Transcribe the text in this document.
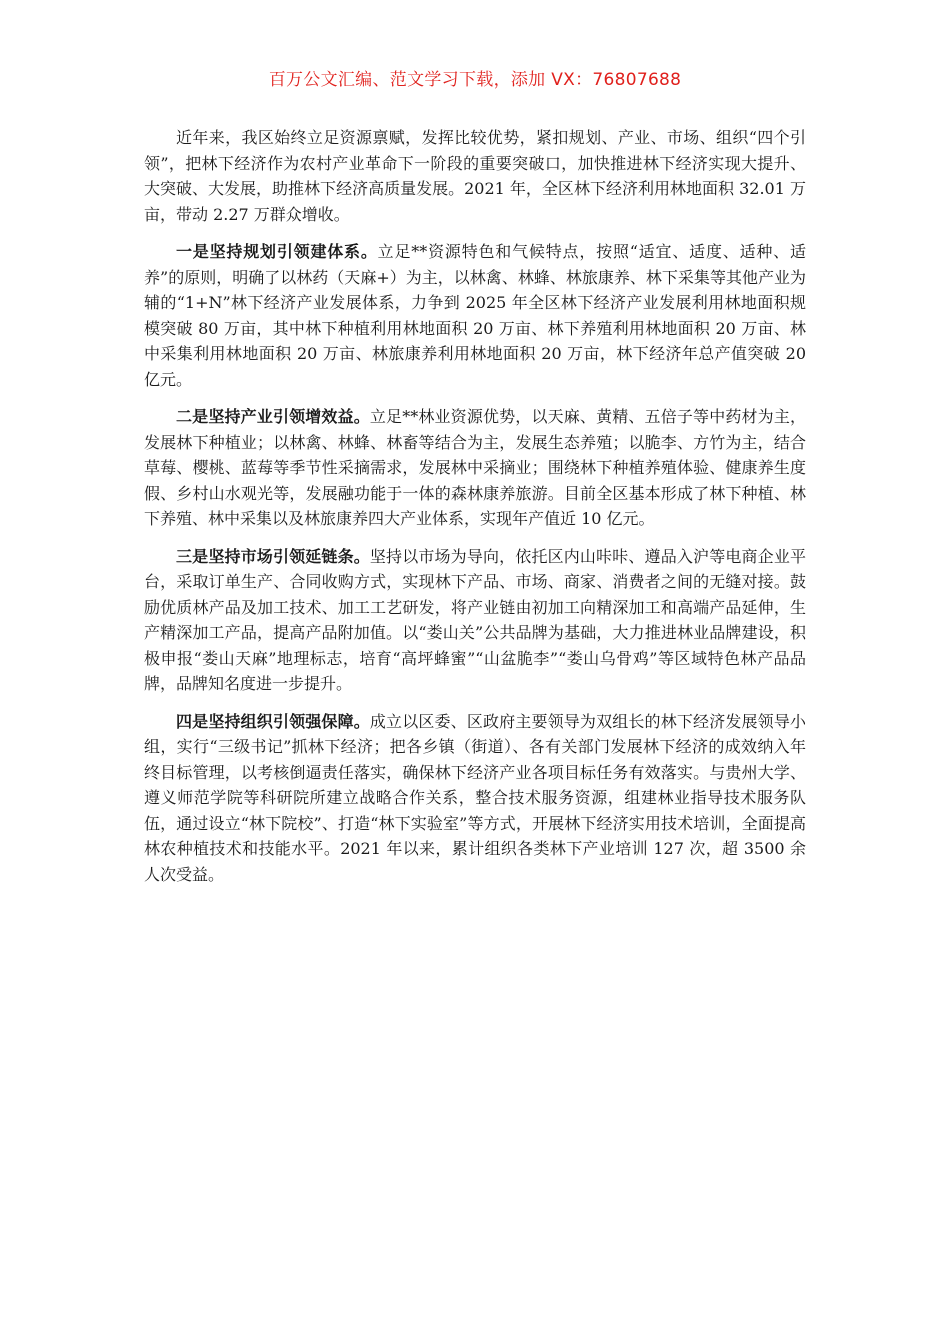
百万公文汇编、范文学习下载，添加 VX：76807688

近年来，我区始终立足资源禀赋，发挥比较优势，紧扣规划、产业、市场、组织“四个引领”，把林下经济作为农村产业革命下一阶段的重要突破口，加快推进林下经济实现大提升、大突破、大发展，助推林下经济高质量发展。2021 年，全区林下经济利用林地面积 32.01 万亩，带动 2.27 万群众增收。

一是坚持规划引领建体系。立足**资源特色和气候特点，按照“适宜、适度、适种、适养”的原则，明确了以林药（天麻+）为主，以林禽、林蜂、林旅康养、林下采集等其他产业为辅的“1+N”林下经济产业发展体系，力争到 2025 年全区林下经济产业发展利用林地面积规模突破 80 万亩，其中林下种植利用林地面积 20 万亩、林下养殖利用林地面积 20 万亩、林中采集利用林地面积 20 万亩、林旅康养利用林地面积 20 万亩，林下经济年总产值突破 20 亿元。

二是坚持产业引领增效益。立足**林业资源优势，以天麻、黄精、五倍子等中药材为主，发展林下种植业；以林禽、林蜂、林畜等结合为主，发展生态养殖；以脆李、方竹为主，结合草莓、樱桃、蓝莓等季节性采摘需求，发展林中采摘业；围绕林下种植养殖体验、健康养生度假、乡村山水观光等，发展融功能于一体的森林康养旅游。目前全区基本形成了林下种植、林下养殖、林中采集以及林旅康养四大产业体系，实现年产值近 10 亿元。

三是坚持市场引领延链条。坚持以市场为导向，依托区内山咔咔、遵品入沪等电商企业平台，采取订单生产、合同收购方式，实现林下产品、市场、商家、消费者之间的无缝对接。鼓励优质林产品及加工技术、加工工艺研发，将产业链由初加工向精深加工和高端产品延伸，生产精深加工产品，提高产品附加值。以“娄山关”公共品牌为基础，大力推进林业品牌建设，积极申报“娄山天麻”地理标志，培育“高坪蜂蜜”“山盆脆李”“娄山乌骨鸡”等区域特色林产品品牌，品牌知名度进一步提升。

四是坚持组织引领强保障。成立以区委、区政府主要领导为双组长的林下经济发展领导小组，实行“三级书记”抓林下经济；把各乡镇（街道）、各有关部门发展林下经济的成效纳入年终目标管理，以考核倒逼责任落实，确保林下经济产业各项目标任务有效落实。与贵州大学、遵义师范学院等科研院所建立战略合作关系，整合技术服务资源，组建林业指导技术服务队伍，通过设立“林下院校”、打造“林下实验室”等方式，开展林下经济实用技术培训，全面提高林农种植技术和技能水平。2021 年以来，累计组织各类林下产业培训 127 次，超 3500 余人次受益。
